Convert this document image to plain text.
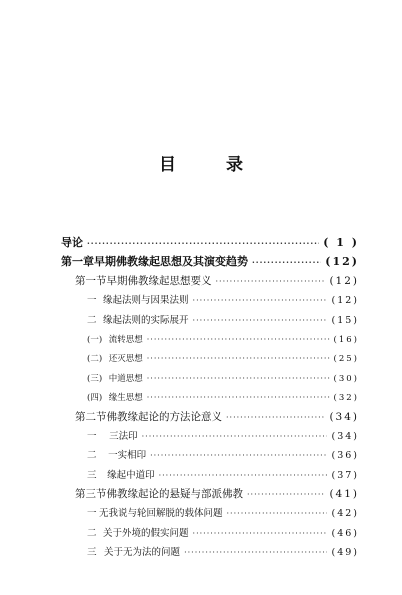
目 录
导论 ·····	( 1 )
第一章 早期佛教缘起思想及其演变趋势 ·····	(12)
第一节 早期佛教缘起思想要义 ·····	(12)
一 缘起法则与因果法则 ·····	(12)
二 缘起法则的实际展开 ·····	(15)
(一) 流转思想 ·····	(16)
(二) 还灭思想 ·····	(25)
(三) 中道思想 ·····	(30)
(四) 缘生思想 ·····	(32)
第二节 佛教缘起论的方法论意义 ·····	(34)
一	三法印 ·····	(34)
二	一实相印 ·····	(36)
三	缘起中道印 ·····	(37)
第三节 佛教缘起论的悬疑与部派佛教 ·····	(41)
一 无我说与轮回解脱的载体问题 ·····	(42)
二 关于外境的假实问题 ·····	(46)
三 关于无为法的问题 ·····	(49)
